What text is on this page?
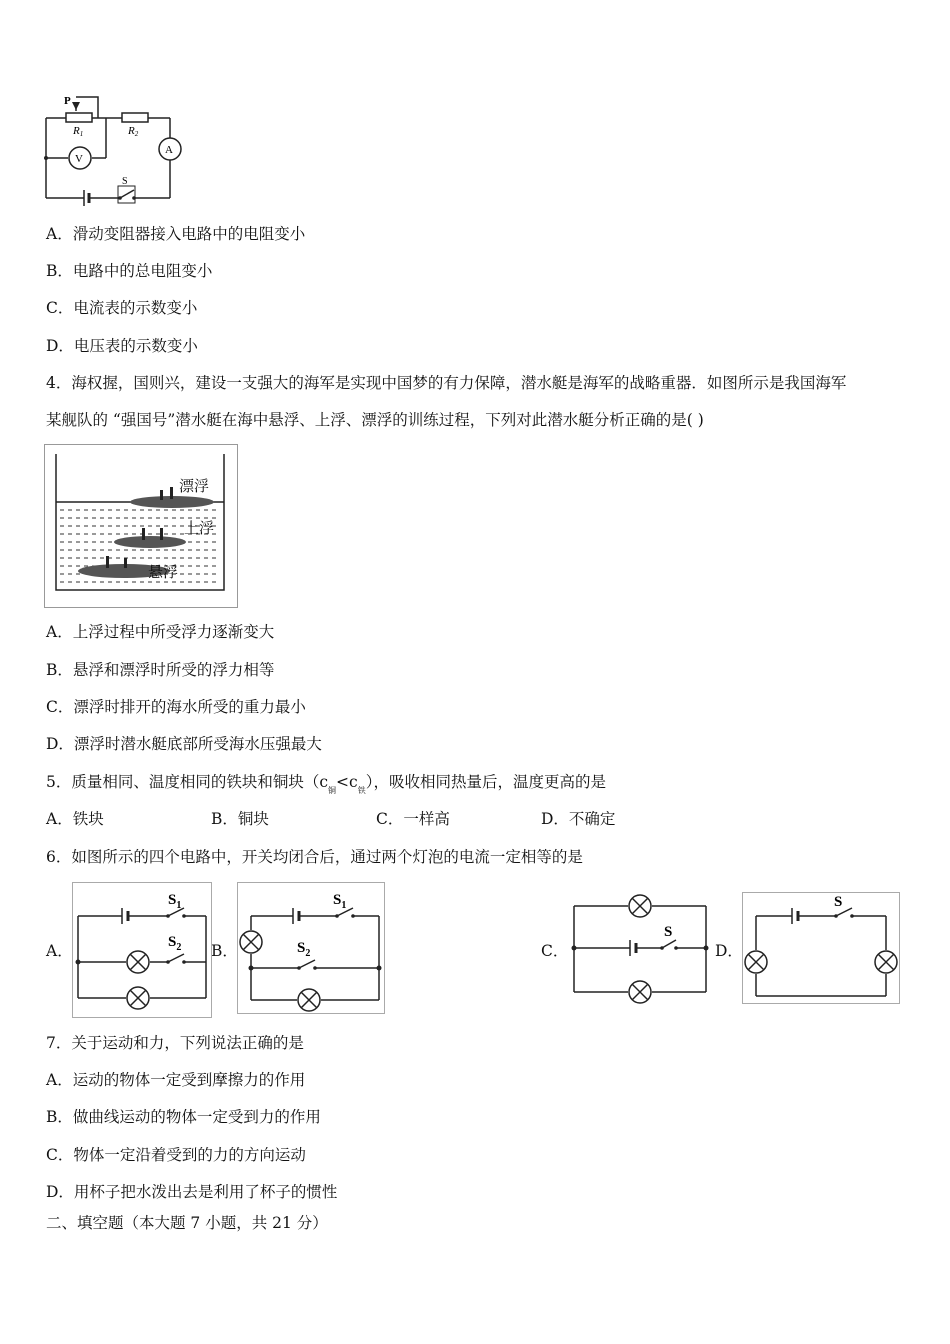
P
R1	R2
V
A
S
A．滑动变阻器接入电路中的电阻变小
B．电路中的总电阻变小
C．电流表的示数变小
D．电压表的示数变小
4．海权握，国则兴，建设一支强大的海军是实现中国梦的有力保障，潜水艇是海军的战略重器．如图所示是我国海军
某舰队的 “强国号”潜水艇在海中悬浮、上浮、漂浮的训练过程，下列对此潜水艇分析正确的是( )
漂浮
上浮
悬浮
A．上浮过程中所受浮力逐渐变大
B．悬浮和漂浮时所受的浮力相等
C．漂浮时排开的海水所受的重力最小
D．漂浮时潜水艇底部所受海水压强最大
5．质量相同、温度相同的铁块和铜块$(c_铜<c_铁)$，吸收相同热量后，温度更高的是
A．铁块	B．铜块	C．一样高	D．不确定
6．如图所示的四个电路中，开关均闭合后，通过两个灯泡的电流一定相等的是
A．	B．	C．	D．
$S_1$
$S_2$
$S_1$
$S_2$
S
S
7．关于运动和力，下列说法正确的是
A．运动的物体一定受到摩擦力的作用
B．做曲线运动的物体一定受到力的作用
C．物体一定沿着受到的力的方向运动
D．用杯子把水泼出去是利用了杯子的惯性
二、填空题（本大题 7 小题，共 21 分）
